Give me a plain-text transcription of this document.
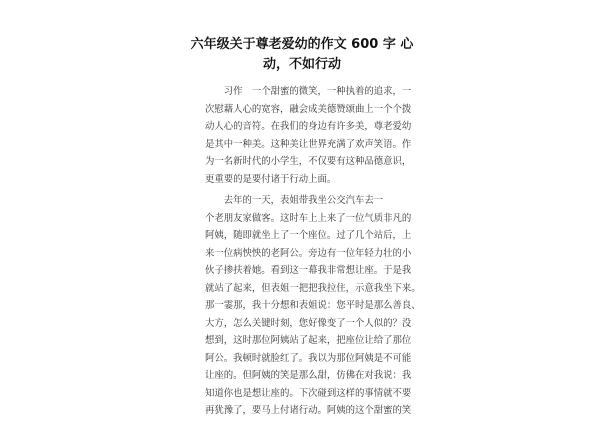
六年级关于尊老爱幼的作文 600 字 心
动，不如行动
　　习作　一个甜蜜的微笑，一种执着的追求，一
次慰藉人心的宽容，融会成美德赞颂曲上一个个拨
动人心的音符。在我们的身边有许多美，尊老爱幼
是其中一种美。这种美让世界充满了欢声笑语。作
为一名新时代的小学生，不仅要有这种品德意识，
更重要的是要付诸于行动上面。
　　去年的一天，表姐带我坐公交汽车去一
个老朋友家做客。这时车上上来了一位气质非凡的
阿姨，随即就坐上了一个座位。过了几个站后，上
来一位病怏怏的老阿公。旁边有一位年轻力壮的小
伙子掺扶着她。看到这一幕我非常想让座。于是我
就站了起来，但表姐一把把我拉住，示意我坐下来。
那一霎那，我十分想和表姐说：您平时是那么善良、
大方，怎么关键时刻，您好像变了一个人似的？没
想到，这时那位阿姨站了起来，把座位让给了那位
阿公。我顿时就脸红了。我以为那位阿姨是不可能
让座的。但阿姨的笑是那么甜，仿佛在对我说：我
知道你也是想让座的。下次碰到这样的事情就不要
再犹豫了，要马上付诸行动。阿姨的这个甜蜜的笑
